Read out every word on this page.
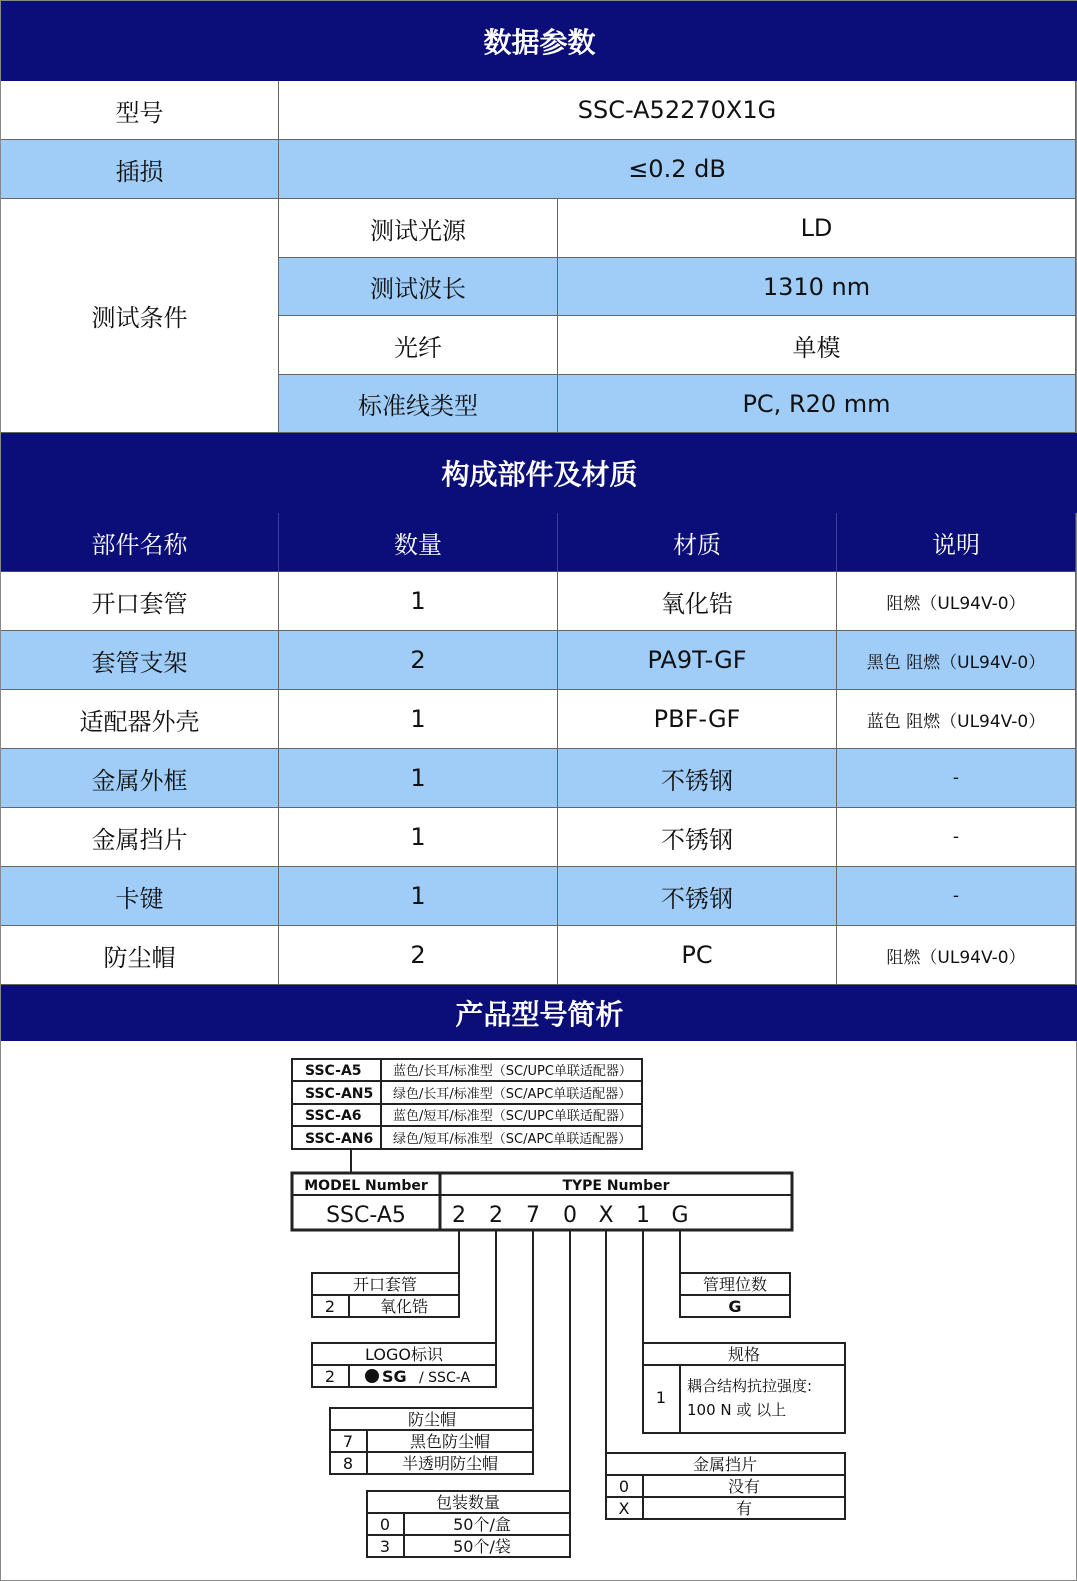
数据参数
型号	SSC-A52270X1G
插损	≤0.2 dB
测试条件
测试光源	LD
测试波长	1310 nm
光纤	单模
标准线类型	PC, R20 mm
构成部件及材质
部件名称	数量	材质	说明
开口套管	1	氧化锆	阻燃（UL94V-0）
套管支架	2	PA9T-GF	黑色 阻燃（UL94V-0）
适配器外壳	1	PBF-GF	蓝色 阻燃（UL94V-0）
金属外框	1	不锈钢	-
金属挡片	1	不锈钢	-
卡键	1	不锈钢	-
防尘帽	2	PC	阻燃（UL94V-0）
产品型号简析
SSC-A5 蓝色/长耳/标准型（SC/UPC单联适配器）
SSC-AN5 绿色/长耳/标准型（SC/APC单联适配器）
SSC-A6 蓝色/短耳/标准型（SC/UPC单联适配器）
SSC-AN6 绿色/短耳/标准型（SC/APC单联适配器）
MODEL Number
SSC-A5
TYPE Number
2 2 7 0 X 1 G
开口套管
2	氧化锆
LOGO标识
2	SG / SSC-A
防尘帽
7	黑色防尘帽
8	半透明防尘帽
包装数量
0	50个/盒
3	50个/袋
管理位数
G
规格
1
耦合结构抗拉强度:
100 N 或 以上
金属挡片
0	没有
X	有
